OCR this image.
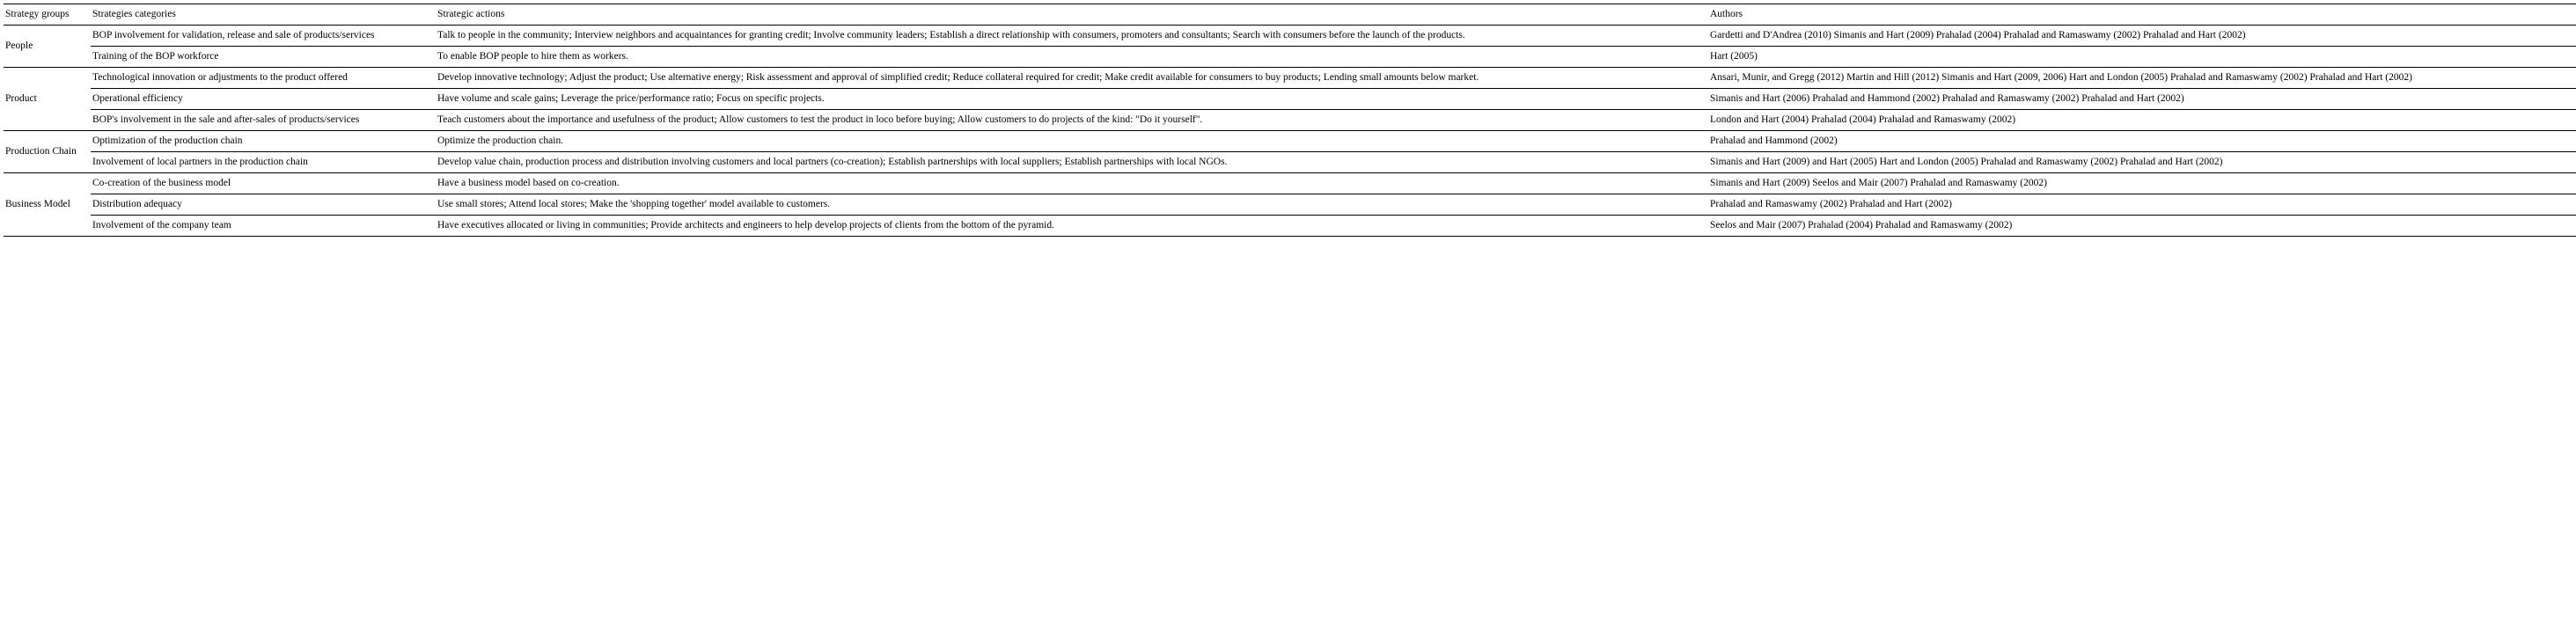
Strategy groups	Strategies categories	Strategic actions	Authors
People	BOP involvement for validation, release and sale of products/services	Talk to people in the community; Interview neighbors and acquaintances for granting credit; Involve community leaders; Establish a direct relationship with consumers, promoters and consultants; Search with consumers before the launch of the products.	Gardetti and D'Andrea (2010) Simanis and Hart (2009) Prahalad (2004) Prahalad and Ramaswamy (2002) Prahalad and Hart (2002)
	Training of the BOP workforce	To enable BOP people to hire them as workers.	Hart (2005)
Product	Technological innovation or adjustments to the product offered	Develop innovative technology; Adjust the product; Use alternative energy; Risk assessment and approval of simplified credit; Reduce collateral required for credit; Make credit available for consumers to buy products; Lending small amounts below market.	Ansari, Munir, and Gregg (2012) Martin and Hill (2012) Simanis and Hart (2009, 2006) Hart and London (2005) Prahalad and Ramaswamy (2002) Prahalad and Hart (2002)
	Operational efficiency	Have volume and scale gains; Leverage the price/performance ratio; Focus on specific projects.	Simanis and Hart (2006) Prahalad and Hammond (2002) Prahalad and Ramaswamy (2002) Prahalad and Hart (2002)
	BOP's involvement in the sale and after-sales of products/services	Teach customers about the importance and usefulness of the product; Allow customers to test the product in loco before buying; Allow customers to do projects of the kind: "Do it yourself".	London and Hart (2004) Prahalad (2004) Prahalad and Ramaswamy (2002)
Production Chain	Optimization of the production chain	Optimize the production chain.	Prahalad and Hammond (2002)
	Involvement of local partners in the production chain	Develop value chain, production process and distribution involving customers and local partners (co-creation); Establish partnerships with local suppliers; Establish partnerships with local NGOs.	Simanis and Hart (2009) and Hart (2005) Hart and London (2005) Prahalad and Ramaswamy (2002) Prahalad and Hart (2002)
Business Model	Co-creation of the business model	Have a business model based on co-creation.	Simanis and Hart (2009) Seelos and Mair (2007) Prahalad and Ramaswamy (2002)
	Distribution adequacy	Use small stores; Attend local stores; Make the 'shopping together' model available to customers.	Prahalad and Ramaswamy (2002) Prahalad and Hart (2002)
	Involvement of the company team	Have executives allocated or living in communities; Provide architects and engineers to help develop projects of clients from the bottom of the pyramid.	Seelos and Mair (2007) Prahalad (2004) Prahalad and Ramaswamy (2002)
